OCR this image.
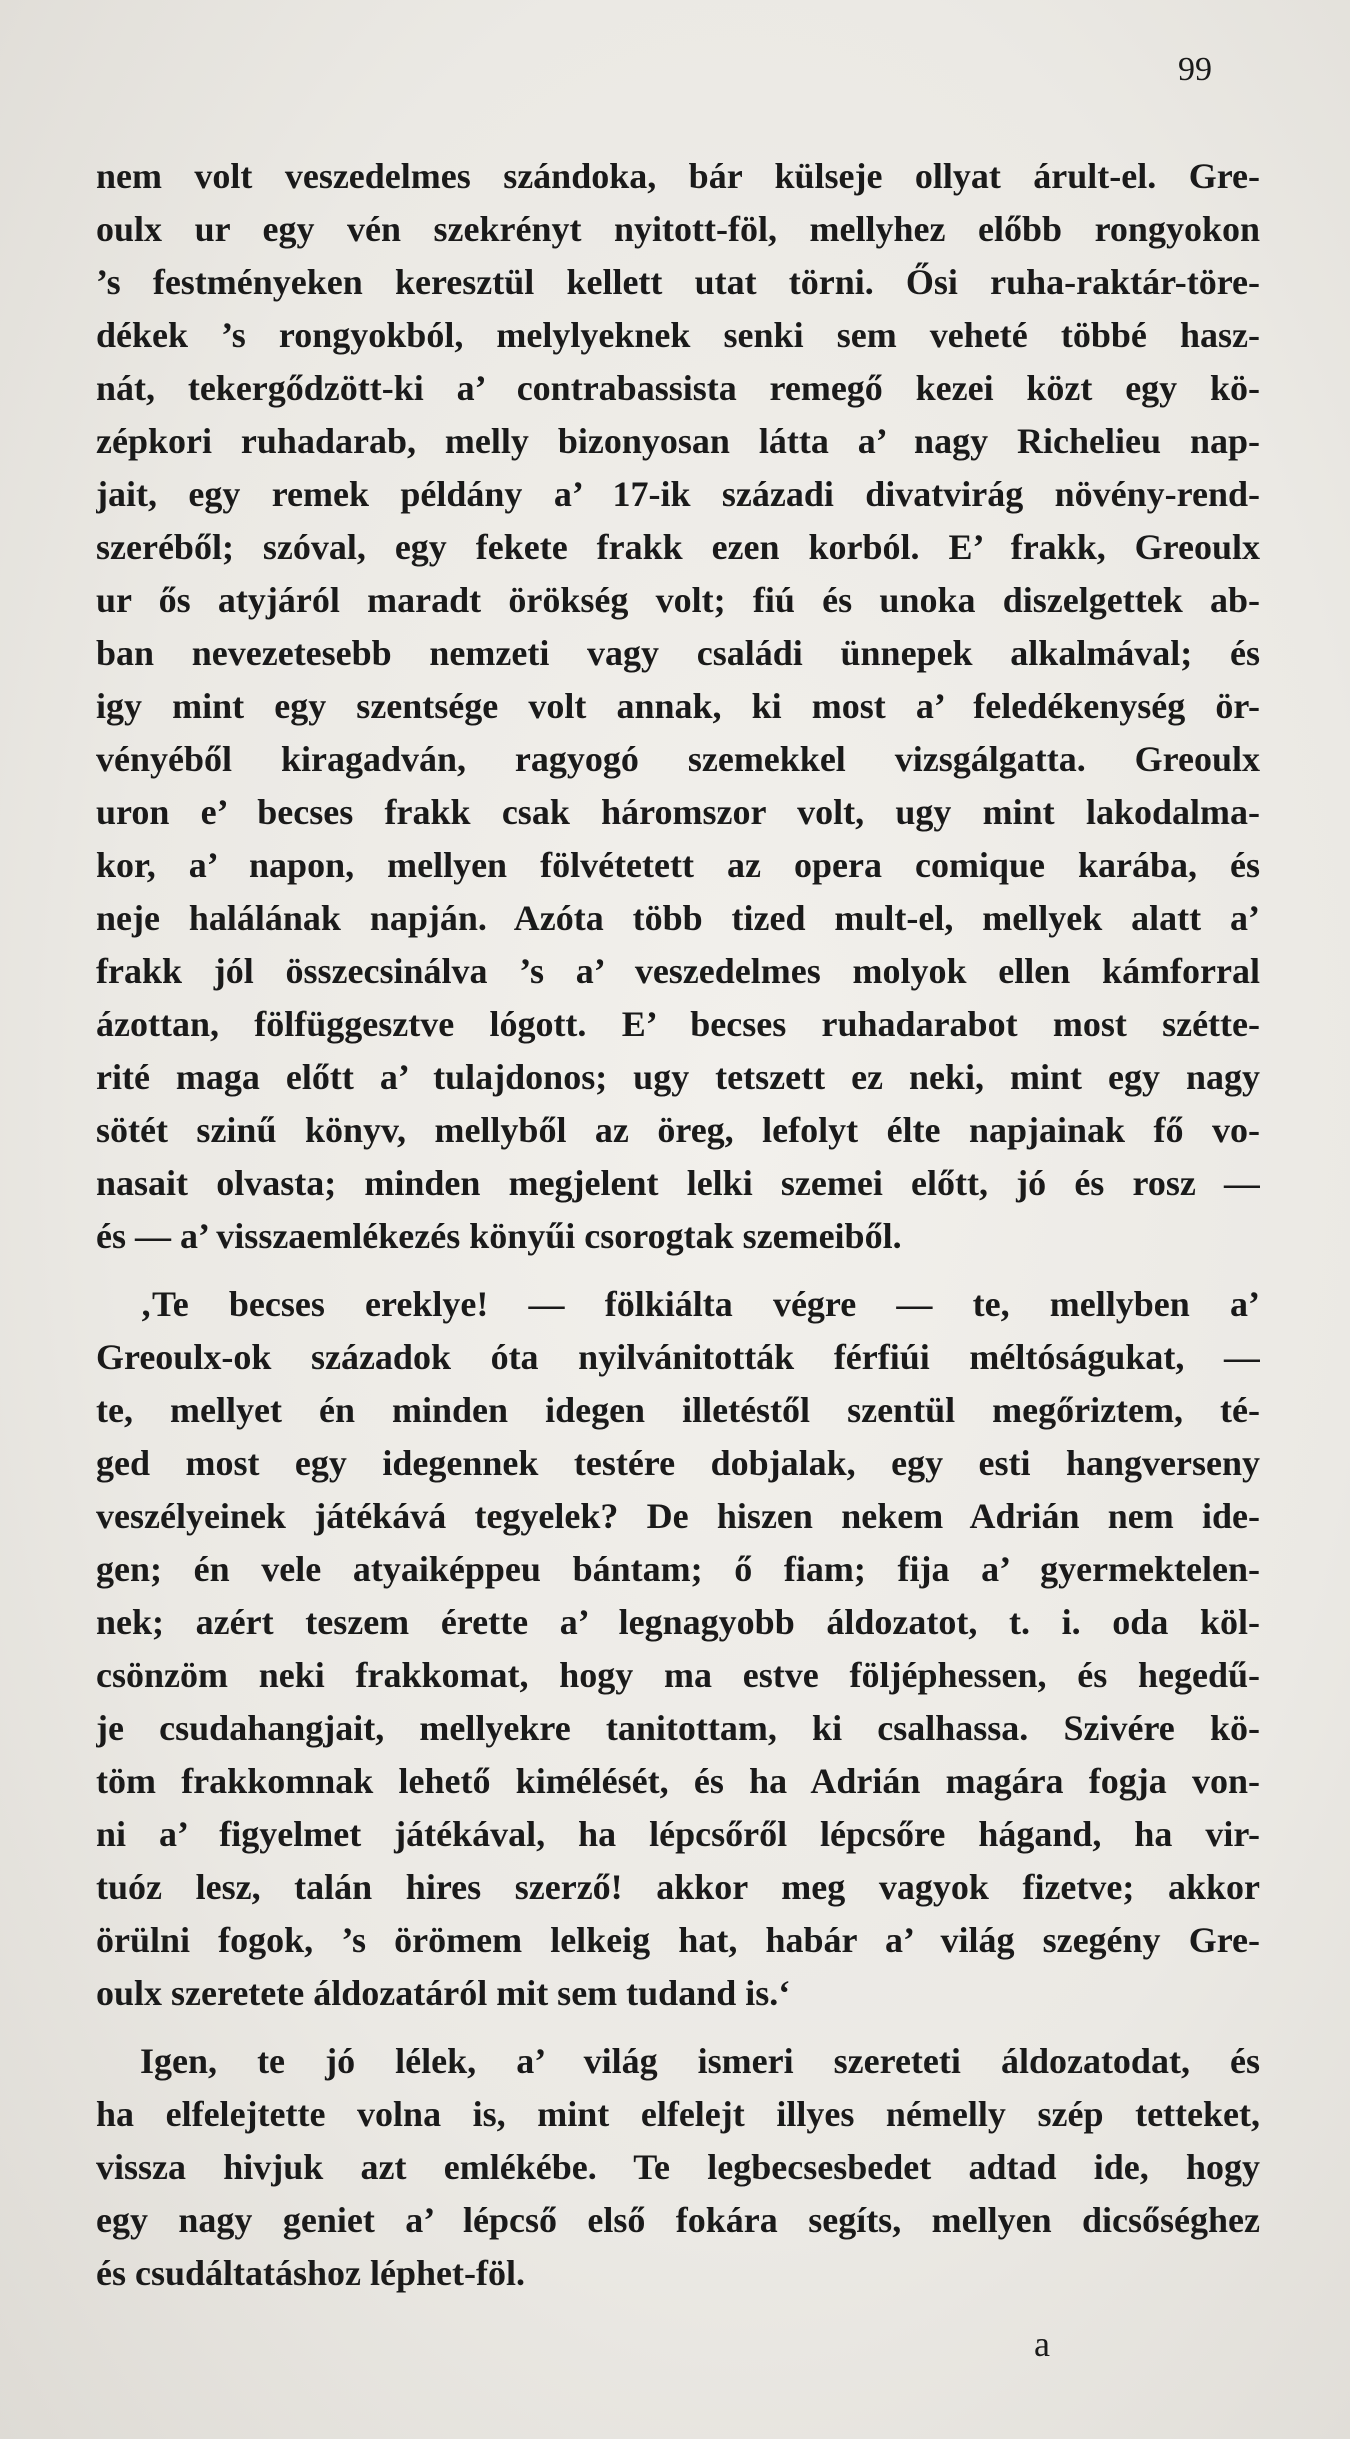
99
nem volt veszedelmes szándoka, bár külseje ollyat árult-el. Gre-
oulx ur egy vén szekrényt nyitott-föl, mellyhez előbb rongyokon
’s festményeken keresztül kellett utat törni. Ősi ruha-raktár-töre-
dékek ’s rongyokból, melylyeknek senki sem veheté többé hasz-
nát, tekergődzött-ki a’ contrabassista remegő kezei közt egy kö-
zépkori ruhadarab, melly bizonyosan látta a’ nagy Richelieu nap-
jait, egy remek példány a’ 17-ik századi divatvirág növény-rend-
szeréből; szóval, egy fekete frakk ezen korból. E’ frakk, Greoulx
ur ős atyjáról maradt örökség volt; fiú és unoka diszelgettek ab-
ban nevezetesebb nemzeti vagy családi ünnepek alkalmával; és
igy mint egy szentsége volt annak, ki most a’ feledékenység ör-
vényéből kiragadván, ragyogó szemekkel vizsgálgatta. Greoulx
uron e’ becses frakk csak háromszor volt, ugy mint lakodalma-
kor, a’ napon, mellyen fölvétetett az opera comique karába, és
neje halálának napján. Azóta több tized mult-el, mellyek alatt a’
frakk jól összecsinálva ’s a’ veszedelmes molyok ellen kámforral
ázottan, fölfüggesztve lógott. E’ becses ruhadarabot most szétte-
rité maga előtt a’ tulajdonos; ugy tetszett ez neki, mint egy nagy
sötét szinű könyv, mellyből az öreg, lefolyt élte napjainak fő vo-
nasait olvasta; minden megjelent lelki szemei előtt, jó és rosz —
és — a’ visszaemlékezés könyűi csorogtak szemeiből.
‚Te becses ereklye! — fölkiálta végre — te, mellyben a’
Greoulx-ok századok óta nyilvánitották férfiúi méltóságukat, —
te, mellyet én minden idegen illetéstől szentül megőriztem, té-
ged most egy idegennek testére dobjalak, egy esti hangverseny
veszélyeinek játékává tegyelek? De hiszen nekem Adrián nem ide-
gen; én vele atyaiképpeu bántam; ő fiam; fija a’ gyermektelen-
nek; azért teszem érette a’ legnagyobb áldozatot, t. i. oda köl-
csönzöm neki frakkomat, hogy ma estve följéphessen, és hegedű-
je csudahangjait, mellyekre tanitottam, ki csalhassa. Szivére kö-
töm frakkomnak lehető kimélését, és ha Adrián magára fogja von-
ni a’ figyelmet játékával, ha lépcsőről lépcsőre hágand, ha vir-
tuóz lesz, talán hires szerző! akkor meg vagyok fizetve; akkor
örülni fogok, ’s örömem lelkeig hat, habár a’ világ szegény Gre-
oulx szeretete áldozatáról mit sem tudand is.‘
Igen, te jó lélek, a’ világ ismeri szereteti áldozatodat, és
ha elfelejtette volna is, mint elfelejt illyes némelly szép tetteket,
vissza hivjuk azt emlékébe. Te legbecsesbedet adtad ide, hogy
egy nagy geniet a’ lépcső első fokára segíts, mellyen dicsőséghez
és csudáltatáshoz léphet-föl.
a
